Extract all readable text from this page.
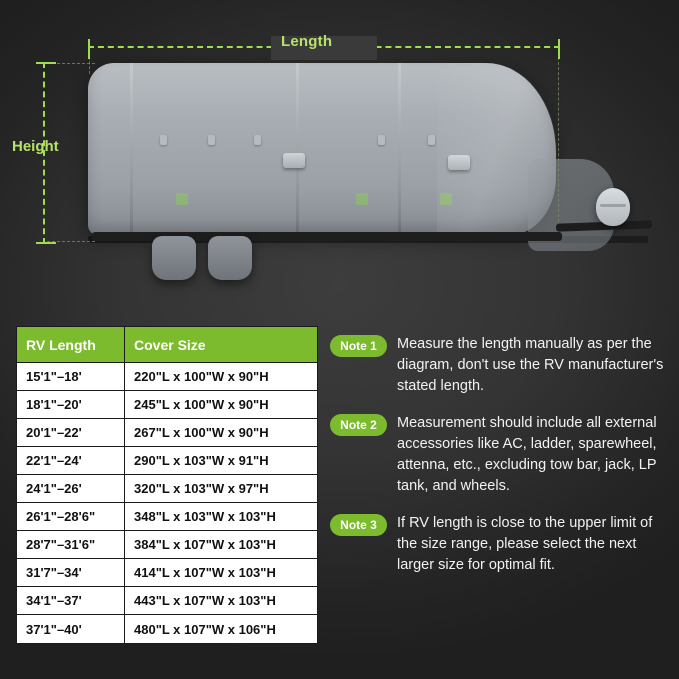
Length
Height
RV Length	Cover Size
15'1"–18'	220"L x 100"W x 90"H
18'1"–20'	245"L x 100"W x 90"H
20'1"–22'	267"L x 100"W x 90"H
22'1"–24'	290"L x 103"W x 91"H
24'1"–26'	320"L x 103"W x 97"H
26'1"–28'6"	348"L x 103"W x 103"H
28'7"–31'6"	384"L x 107"W x 103"H
31'7"–34'	414"L x 107"W x 103"H
34'1"–37'	443"L x 107"W x 103"H
37'1"–40'	480"L x 107"W x 106"H
Note 1	Measure the length manually as per the diagram, don't use the RV manufacturer's stated length.
Note 2	Measurement should include all external accessories like AC, ladder, sparewheel, attenna, etc., excluding tow bar, jack, LP tank, and wheels.
Note 3	If RV length is close to the upper limit of the size range, please select the next larger size for optimal fit.
